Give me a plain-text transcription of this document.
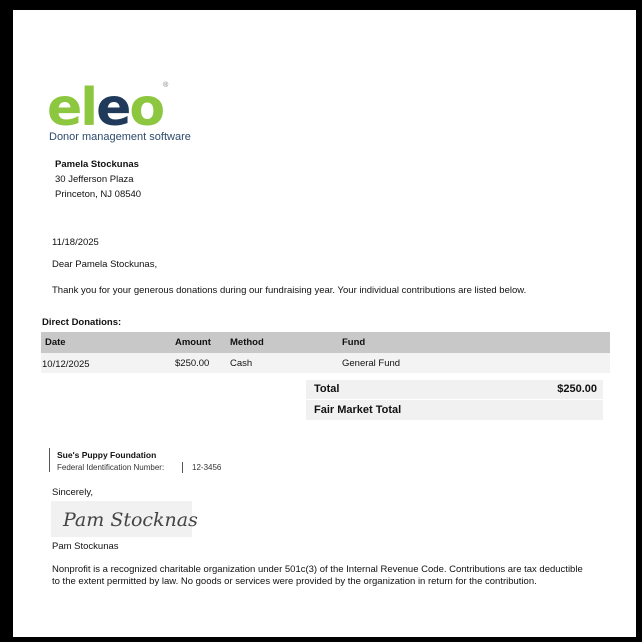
eleo®
Donor management software
Pamela Stockunas
30 Jefferson Plaza
Princeton, NJ 08540
11/18/2025
Dear Pamela Stockunas,
Thank you for your generous donations during our fundraising year. Your individual contributions are listed below.
Direct Donations:
Date	Amount Method	Fund
10/12/2025	$250.00 Cash	General Fund
Total	$250.00
Fair Market Total
Sue's Puppy Foundation
Federal Identification Number:	12-3456
Sincerely,
Pam Stocknas
Pam Stockunas
Nonprofit is a recognized charitable organization under 501c(3) of the Internal Revenue Code. Contributions are tax deductible
to the extent permitted by law. No goods or services were provided by the organization in return for the contribution.
